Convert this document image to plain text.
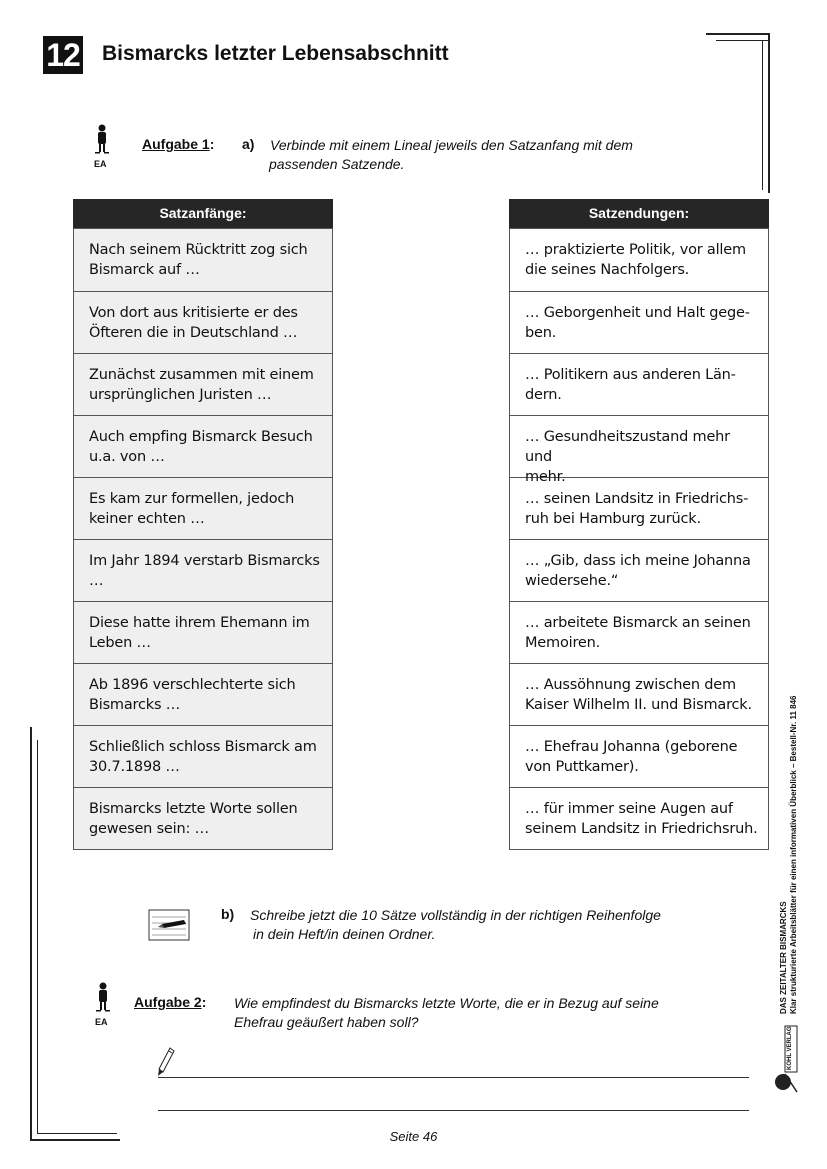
12 Bismarcks letzter Lebensabschnitt
EA
Aufgabe 1: a) Verbinde mit einem Lineal jeweils den Satzanfang mit dem
passenden Satzende.
Satzanfänge:
Nach seinem Rücktritt zog sich
Bismarck auf …
Von dort aus kritisierte er des
Öfteren die in Deutschland …
Zunächst zusammen mit einem
ursprünglichen Juristen …
Auch empfing Bismarck Besuch
u.a. von …
Es kam zur formellen, jedoch
keiner echten …
Im Jahr 1894 verstarb Bismarcks
…
Diese hatte ihrem Ehemann im
Leben …
Ab 1896 verschlechterte sich
Bismarcks …
Schließlich schloss Bismarck am
30.7.1898 …
Bismarcks letzte Worte sollen
gewesen sein: …
Satzendungen:
… praktizierte Politik, vor allem
die seines Nachfolgers.
… Geborgenheit und Halt gege-
ben.
… Politikern aus anderen Län-
dern.
… Gesundheitszustand mehr und
mehr.
… seinen Landsitz in Friedrichs-
ruh bei Hamburg zurück.
… „Gib, dass ich meine Johanna
wiedersehe.“
… arbeitete Bismarck an seinen
Memoiren.
… Aussöhnung zwischen dem
Kaiser Wilhelm II. und Bismarck.
… Ehefrau Johanna (geborene
von Puttkamer).
… für immer seine Augen auf
seinem Landsitz in Friedrichsruh.
b) Schreibe jetzt die 10 Sätze vollständig in der richtigen Reihenfolge
in dein Heft/in deinen Ordner.
EA
Aufgabe 2: Wie empfindest du Bismarcks letzte Worte, die er in Bezug auf seine
Ehefrau geäußert haben soll?
DAS ZEITALTER BISMARCKS Klar strukturierte Arbeitsblätter für einen informativen Überblick – Bestell-Nr. 11 846
KOHL VERLAG
Seite 46
